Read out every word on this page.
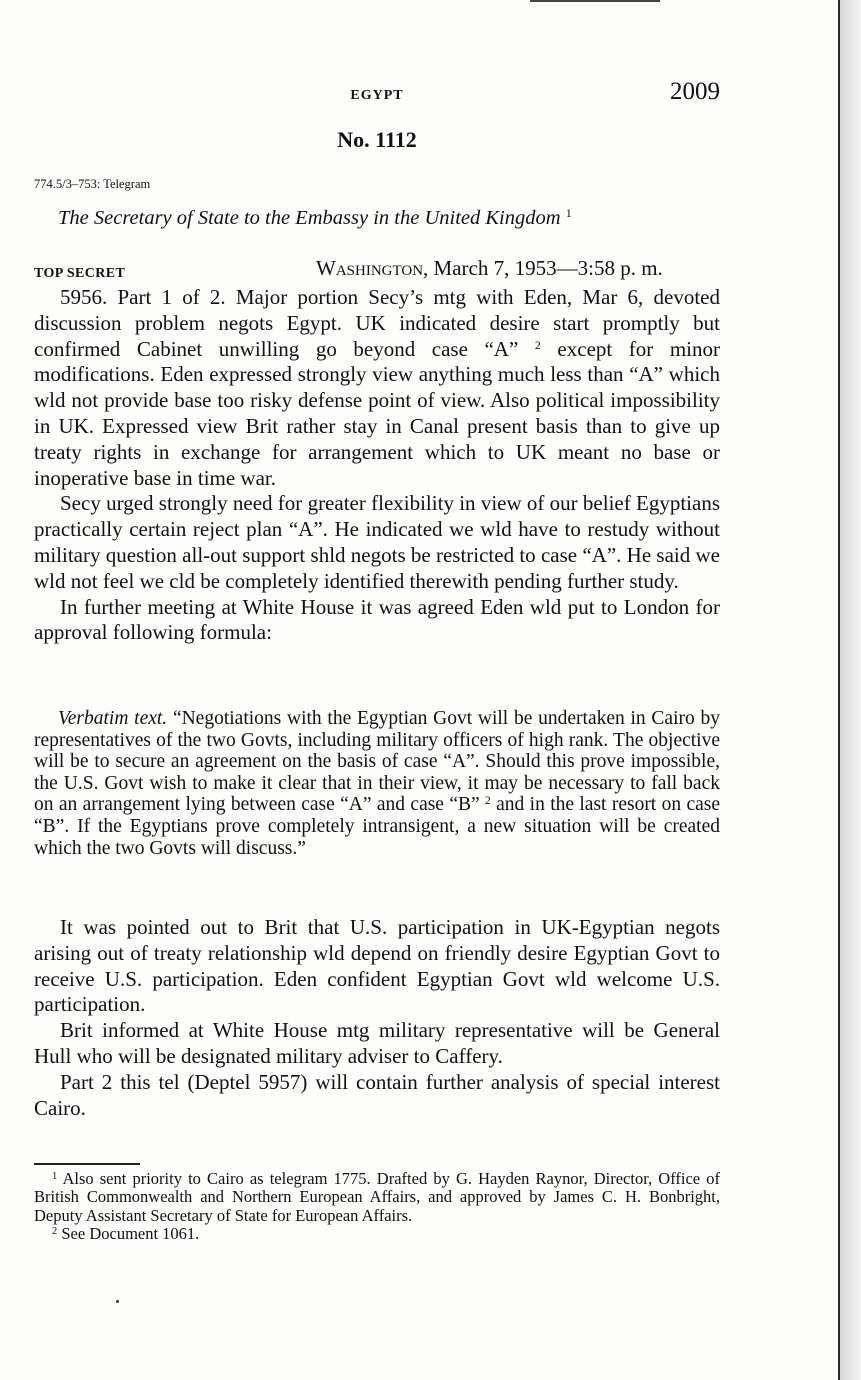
EGYPT	2009
No. 1112
774.5/3–753: Telegram
The Secretary of State to the Embassy in the United Kingdom $^1$
TOP SECRET	Washington, March 7, 1953—3:58 p. m.

5956. Part 1 of 2. Major portion Secy’s mtg with Eden, Mar 6, devoted discussion problem negots Egypt. UK indicated desire start promptly but confirmed Cabinet unwilling go beyond case “A” $^2$ except for minor modifications. Eden expressed strongly view anything much less than “A” which wld not provide base too risky defense point of view. Also political impossibility in UK. Expressed view Brit rather stay in Canal present basis than to give up treaty rights in exchange for arrangement which to UK meant no base or inoperative base in time war.

Secy urged strongly need for greater flexibility in view of our belief Egyptians practically certain reject plan “A”. He indicated we wld have to restudy without military question all-out support shld negots be restricted to case “A”. He said we wld not feel we cld be completely identified therewith pending further study.

In further meeting at White House it was agreed Eden wld put to London for approval following formula:

Verbatim text. “Negotiations with the Egyptian Govt will be undertaken in Cairo by representatives of the two Govts, including military officers of high rank. The objective will be to secure an agreement on the basis of case “A”. Should this prove impossible, the U.S. Govt wish to make it clear that in their view, it may be necessary to fall back on an arrangement lying between case “A” and case “B” $^2$ and in the last resort on case “B”. If the Egyptians prove completely intransigent, a new situation will be created which the two Govts will discuss.”

It was pointed out to Brit that U.S. participation in UK-Egyptian negots arising out of treaty relationship wld depend on friendly desire Egyptian Govt to receive U.S. participation. Eden confident Egyptian Govt wld welcome U.S. participation.

Brit informed at White House mtg military representative will be General Hull who will be designated military adviser to Caffery.

Part 2 this tel (Deptel 5957) will contain further analysis of special interest Cairo.

$^1$ Also sent priority to Cairo as telegram 1775. Drafted by G. Hayden Raynor, Director, Office of British Commonwealth and Northern European Affairs, and approved by James C. H. Bonbright, Deputy Assistant Secretary of State for European Affairs.

$^2$ See Document 1061.
